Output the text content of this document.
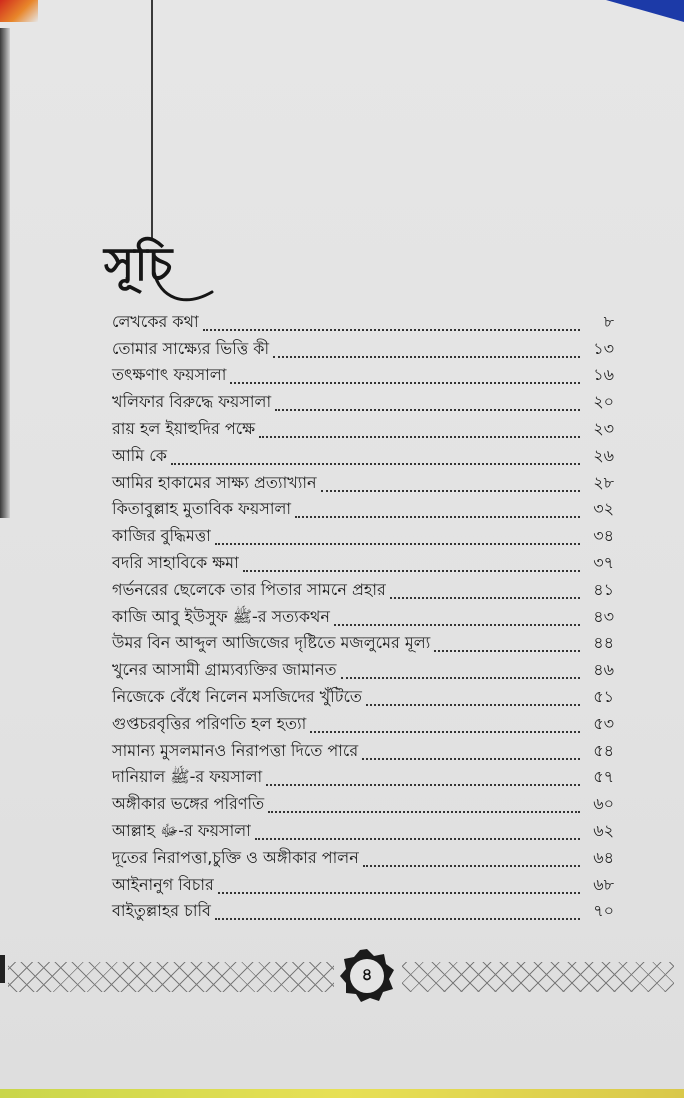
সূচি
লেখকের কথা	৮
তোমার সাক্ষ্যের ভিত্তি কী	১৩
তৎক্ষণাৎ ফয়সালা	১৬
খলিফার বিরুদ্ধে ফয়সালা	২০
রায় হল ইয়াহুদির পক্ষে	২৩
আমি কে	২৬
আমির হাকামের সাক্ষ্য প্রত্যাখ্যান	২৮
কিতাবুল্লাহ মুতাবিক ফয়সালা	৩২
কাজির বুদ্ধিমত্তা	৩৪
বদরি সাহাবিকে ক্ষমা	৩৭
গর্ভনরের ছেলেকে তার পিতার সামনে প্রহার	৪১
কাজি আবু ইউসুফ ﷺ-র সত্যকথন	৪৩
উমর বিন আব্দুল আজিজের দৃষ্টিতে মজলুমের মূল্য	৪৪
খুনের আসামী গ্রাম্যব্যক্তির জামানত	৪৬
নিজেকে বেঁধে নিলেন মসজিদের খুঁটিতে	৫১
গুপ্তচরবৃত্তির পরিণতি হল হত্যা	৫৩
সামান্য মুসলমানও নিরাপত্তা দিতে পারে	৫৪
দানিয়াল ﷺ-র ফয়সালা	৫৭
অঙ্গীকার ভঙ্গের পরিণতি	৬০
আল্লাহ ﷻ-র ফয়সালা	৬২
দূতের নিরাপত্তা,চুক্তি ও অঙ্গীকার পালন	৬৪
আইনানুগ বিচার	৬৮
বাইতুল্লাহর চাবি	৭০
৪
